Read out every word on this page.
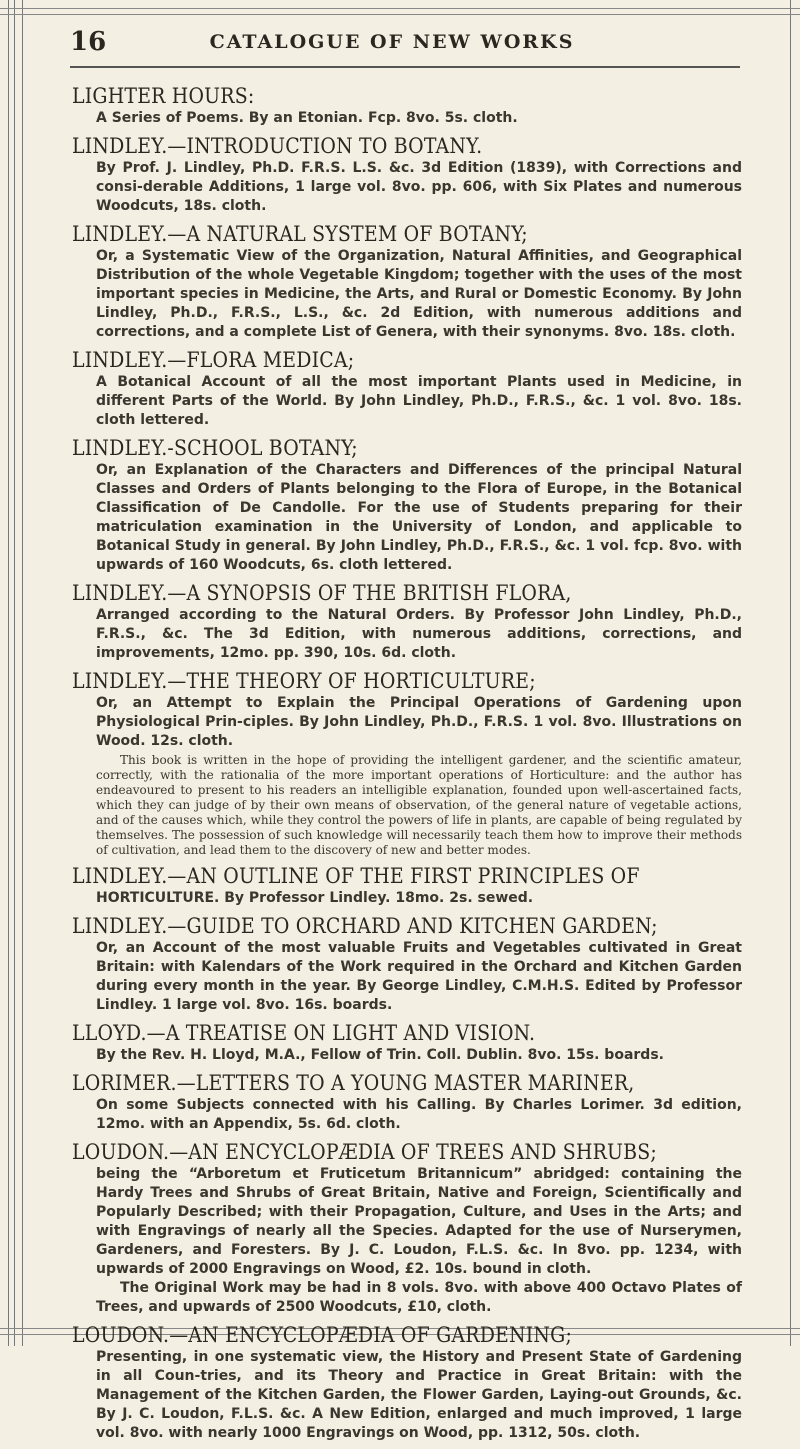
16	CATALOGUE OF NEW WORKS
LIGHTER HOURS:
A Series of Poems. By an Etonian. Fcp. 8vo. 5s. cloth.
LINDLEY.—INTRODUCTION TO BOTANY.
By Prof. J. Lindley, Ph.D. F.R.S. L.S. &c. 3d Edition (1839), with Corrections and consi-derable Additions, 1 large vol. 8vo. pp. 606, with Six Plates and numerous Woodcuts, 18s. cloth.
LINDLEY.—A NATURAL SYSTEM OF BOTANY;
Or, a Systematic View of the Organization, Natural Affinities, and Geographical Distribution of the whole Vegetable Kingdom; together with the uses of the most important species in Medicine, the Arts, and Rural or Domestic Economy. By John Lindley, Ph.D., F.R.S., L.S., &c. 2d Edition, with numerous additions and corrections, and a complete List of Genera, with their synonyms. 8vo. 18s. cloth.
LINDLEY.—FLORA MEDICA;
A Botanical Account of all the most important Plants used in Medicine, in different Parts of the World. By John Lindley, Ph.D., F.R.S., &c. 1 vol. 8vo. 18s. cloth lettered.
LINDLEY.-SCHOOL BOTANY;
Or, an Explanation of the Characters and Differences of the principal Natural Classes and Orders of Plants belonging to the Flora of Europe, in the Botanical Classification of De Candolle. For the use of Students preparing for their matriculation examination in the University of London, and applicable to Botanical Study in general. By John Lindley, Ph.D., F.R.S., &c. 1 vol. fcp. 8vo. with upwards of 160 Woodcuts, 6s. cloth lettered.
LINDLEY.—A SYNOPSIS OF THE BRITISH FLORA,
Arranged according to the Natural Orders. By Professor John Lindley, Ph.D., F.R.S., &c. The 3d Edition, with numerous additions, corrections, and improvements, 12mo. pp. 390, 10s. 6d. cloth.
LINDLEY.—THE THEORY OF HORTICULTURE;
Or, an Attempt to Explain the Principal Operations of Gardening upon Physiological Prin-ciples. By John Lindley, Ph.D., F.R.S. 1 vol. 8vo. Illustrations on Wood. 12s. cloth.
This book is written in the hope of providing the intelligent gardener, and the scientific amateur, correctly, with the rationalia of the more important operations of Horticulture: and the author has endeavoured to present to his readers an intelligible explanation, founded upon well-ascertained facts, which they can judge of by their own means of observation, of the general nature of vegetable actions, and of the causes which, while they control the powers of life in plants, are capable of being regulated by themselves. The possession of such knowledge will necessarily teach them how to improve their methods of cultivation, and lead them to the discovery of new and better modes.
LINDLEY.—AN OUTLINE OF THE FIRST PRINCIPLES OF
HORTICULTURE. By Professor Lindley. 18mo. 2s. sewed.
LINDLEY.—GUIDE TO ORCHARD AND KITCHEN GARDEN;
Or, an Account of the most valuable Fruits and Vegetables cultivated in Great Britain: with Kalendars of the Work required in the Orchard and Kitchen Garden during every month in the year. By George Lindley, C.M.H.S. Edited by Professor Lindley. 1 large vol. 8vo. 16s. boards.
LLOYD.—A TREATISE ON LIGHT AND VISION.
By the Rev. H. Lloyd, M.A., Fellow of Trin. Coll. Dublin. 8vo. 15s. boards.
LORIMER.—LETTERS TO A YOUNG MASTER MARINER,
On some Subjects connected with his Calling. By Charles Lorimer. 3d edition, 12mo. with an Appendix, 5s. 6d. cloth.
LOUDON.—AN ENCYCLOPÆDIA OF TREES AND SHRUBS;
being the “Arboretum et Fruticetum Britannicum” abridged: containing the Hardy Trees and Shrubs of Great Britain, Native and Foreign, Scientifically and Popularly Described; with their Propagation, Culture, and Uses in the Arts; and with Engravings of nearly all the Species. Adapted for the use of Nurserymen, Gardeners, and Foresters. By J. C. Loudon, F.L.S. &c. In 8vo. pp. 1234, with upwards of 2000 Engravings on Wood, £2. 10s. bound in cloth.
The Original Work may be had in 8 vols. 8vo. with above 400 Octavo Plates of Trees, and upwards of 2500 Woodcuts, £10, cloth.
LOUDON.—AN ENCYCLOPÆDIA OF GARDENING;
Presenting, in one systematic view, the History and Present State of Gardening in all Coun-tries, and its Theory and Practice in Great Britain: with the Management of the Kitchen Garden, the Flower Garden, Laying-out Grounds, &c. By J. C. Loudon, F.L.S. &c. A New Edition, enlarged and much improved, 1 large vol. 8vo. with nearly 1000 Engravings on Wood, pp. 1312, 50s. cloth.
